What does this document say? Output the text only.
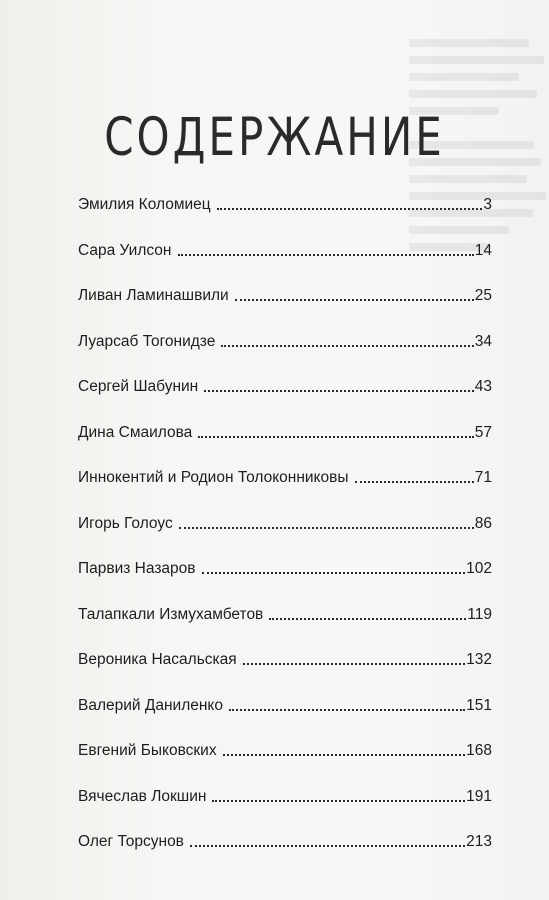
СОДЕРЖАНИЕ
Эмилия Коломиец	3
Сара Уилсон	14
Ливан Ламинашвили	25
Луарсаб Тогонидзе	34
Сергей Шабунин	43
Дина Смаилова	57
Иннокентий и Родион Толоконниковы	71
Игорь Голоус	86
Парвиз Назаров	102
Талапкали Измухамбетов	119
Вероника Насальская	132
Валерий Даниленко	151
Евгений Быковских	168
Вячеслав Локшин	191
Олег Торсунов	213
